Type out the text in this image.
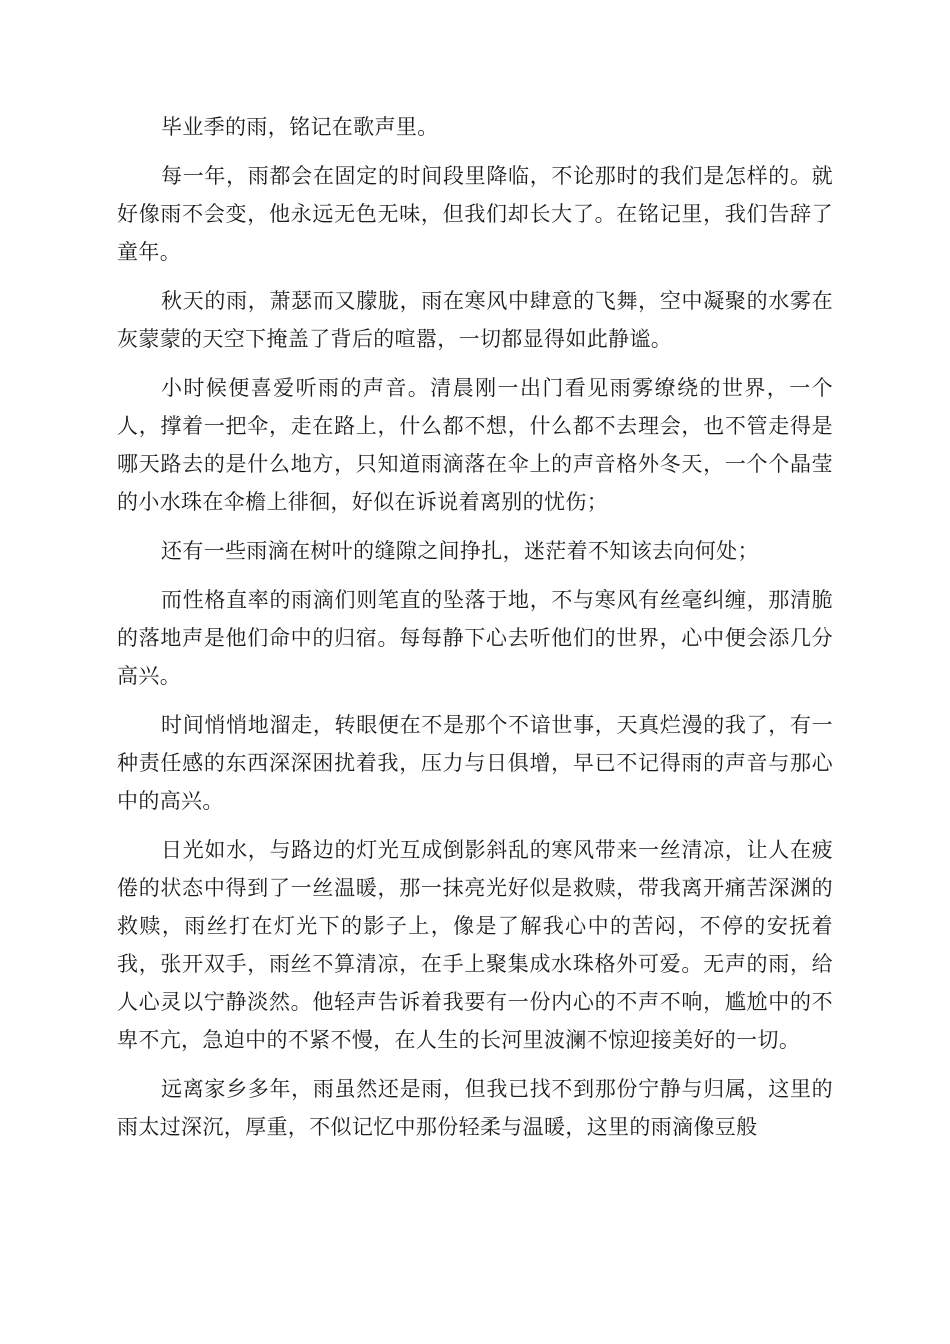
毕业季的雨，铭记在歌声里。

每一年，雨都会在固定的时间段里降临，不论那时的我们是怎样的。就好像雨不会变，他永远无色无味，但我们却长大了。在铭记里，我们告辞了童年。

秋天的雨，萧瑟而又朦胧，雨在寒风中肆意的飞舞，空中凝聚的水雾在灰蒙蒙的天空下掩盖了背后的喧嚣，一切都显得如此静谧。

小时候便喜爱听雨的声音。清晨刚一出门看见雨雾缭绕的世界，一个人，撑着一把伞，走在路上，什么都不想，什么都不去理会，也不管走得是哪天路去的是什么地方，只知道雨滴落在伞上的声音格外冬天，一个个晶莹的小水珠在伞檐上徘徊，好似在诉说着离别的忧伤；

还有一些雨滴在树叶的缝隙之间挣扎，迷茫着不知该去向何处；

而性格直率的雨滴们则笔直的坠落于地，不与寒风有丝毫纠缠，那清脆的落地声是他们命中的归宿。每每静下心去听他们的世界，心中便会添几分高兴。

时间悄悄地溜走，转眼便在不是那个不谙世事，天真烂漫的我了，有一种责任感的东西深深困扰着我，压力与日俱增，早已不记得雨的声音与那心中的高兴。

日光如水，与路边的灯光互成倒影斜乱的寒风带来一丝清凉，让人在疲倦的状态中得到了一丝温暖，那一抹亮光好似是救赎，带我离开痛苦深渊的救赎，雨丝打在灯光下的影子上，像是了解我心中的苦闷，不停的安抚着我，张开双手，雨丝不算清凉，在手上聚集成水珠格外可爱。无声的雨，给人心灵以宁静淡然。他轻声告诉着我要有一份内心的不声不响，尴尬中的不卑不亢，急迫中的不紧不慢，在人生的长河里波澜不惊迎接美好的一切。

远离家乡多年，雨虽然还是雨，但我已找不到那份宁静与归属，这里的雨太过深沉，厚重，不似记忆中那份轻柔与温暖，这里的雨滴像豆般
